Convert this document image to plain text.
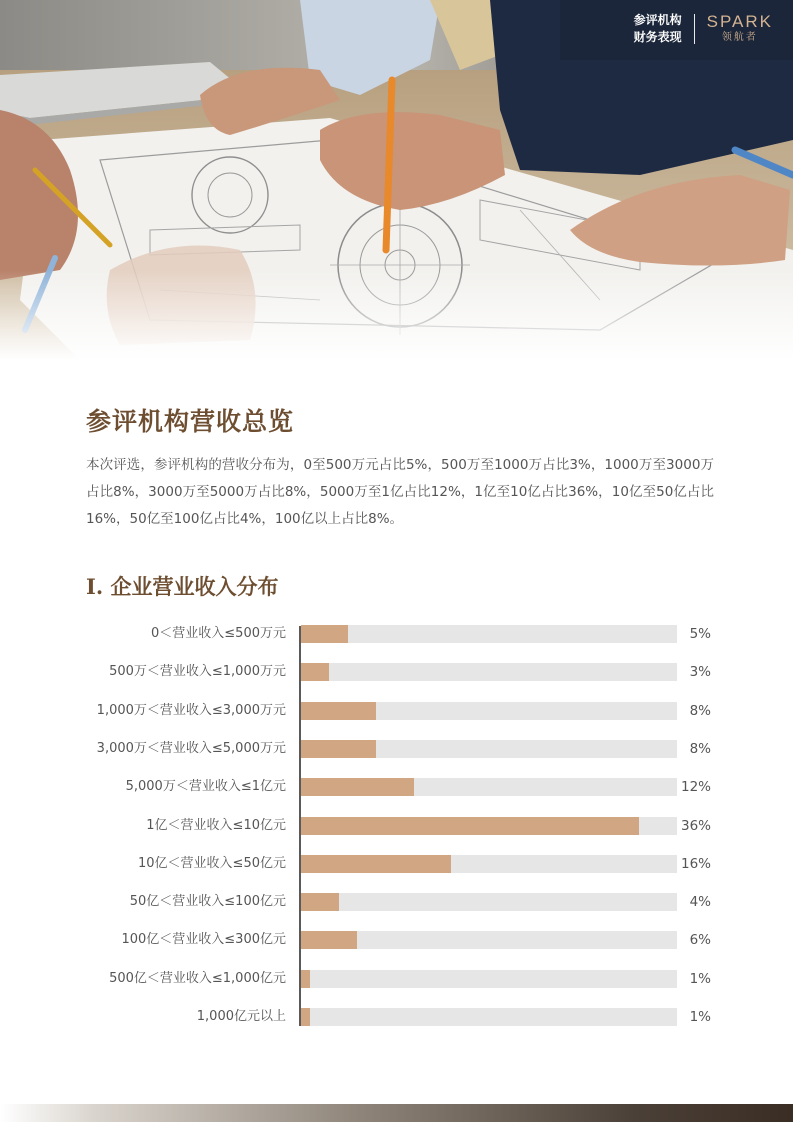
参评机构
财务表现
SPARK
领航者
参评机构营收总览

本次评选，参评机构的营收分布为，0至500万元占比5%，500万至1000万占比3%，1000万至3000万占比8%，3000万至5000万占比8%，5000万至1亿占比12%，1亿至10亿占比36%，10亿至50亿占比16%，50亿至100亿占比4%，100亿以上占比8%。

I. 企业营业收入分布
0＜营业收入≤500万元	5%
500万＜营业收入≤1,000万元	3%
1,000万＜营业收入≤3,000万元	8%
3,000万＜营业收入≤5,000万元	8%
5,000万＜营业收入≤1亿元	12%
1亿＜营业收入≤10亿元	36%
10亿＜营业收入≤50亿元	16%
50亿＜营业收入≤100亿元	4%
100亿＜营业收入≤300亿元	6%
500亿＜营业收入≤1,000亿元	1%
1,000亿元以上	1%
